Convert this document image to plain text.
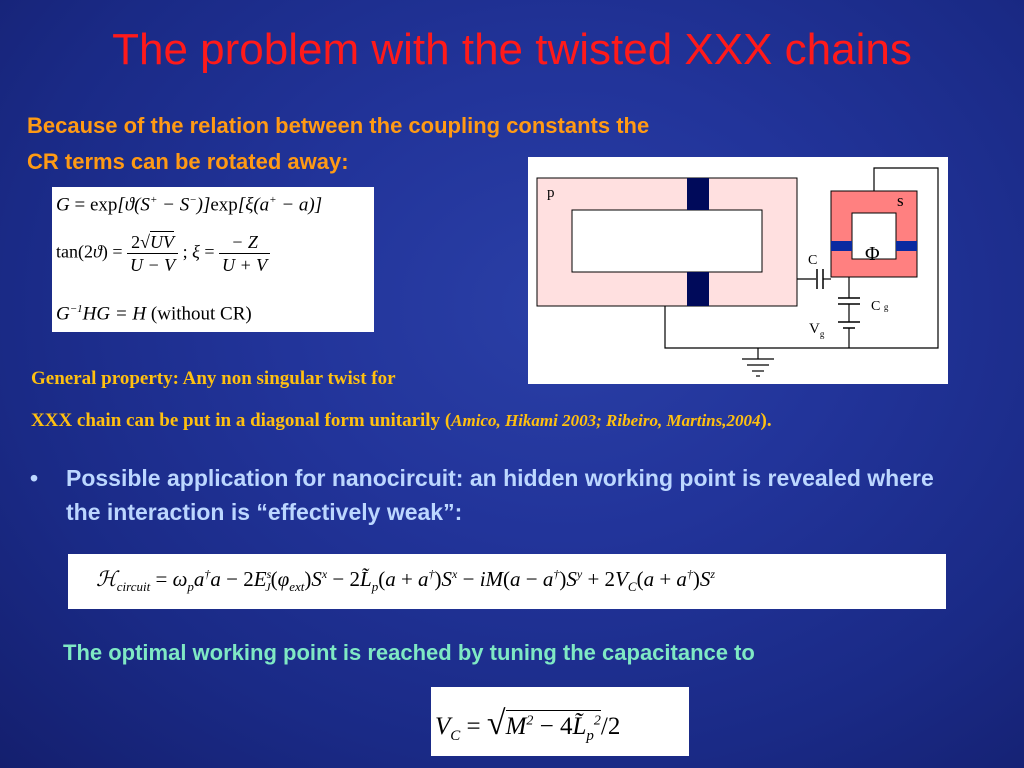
The problem with the twisted XXX chains
Because of the relation between the coupling constants the
CR terms can be rotated away:
G = exp[ϑ(S+ − S−)]exp[ξ(a+ − a)]
$\tan(2ϑ) = \frac{2√UV}{U - V}$ ; $\xi = \frac{- Z}{U + V}$
$G^{-1}HG = H$ (without CR)
p	s
Φ
C
C g
$V_g$
General property: Any non singular twist for
XXX chain can be put in a diagonal form unitarily (Amico, Hikami 2003; Ribeiro, Martins,2004).
• Possible application for nanocircuit: an hidden working point is revealed where the interaction is “effectively weak”:
ℋ$_{circuit}$ = $\omega_pa^\dagger a - 2E^s_J(\varphi_{ext})S^x$ − $2L̃_p(a + a^\dagger)S^x - iM(a - a^\dagger)S^y + 2V_C(a + a^\dagger)S^z$
The optimal working point is reached by tuning the capacitance to
$V_C = √M^2$ − $4L̃_p^2/2$
